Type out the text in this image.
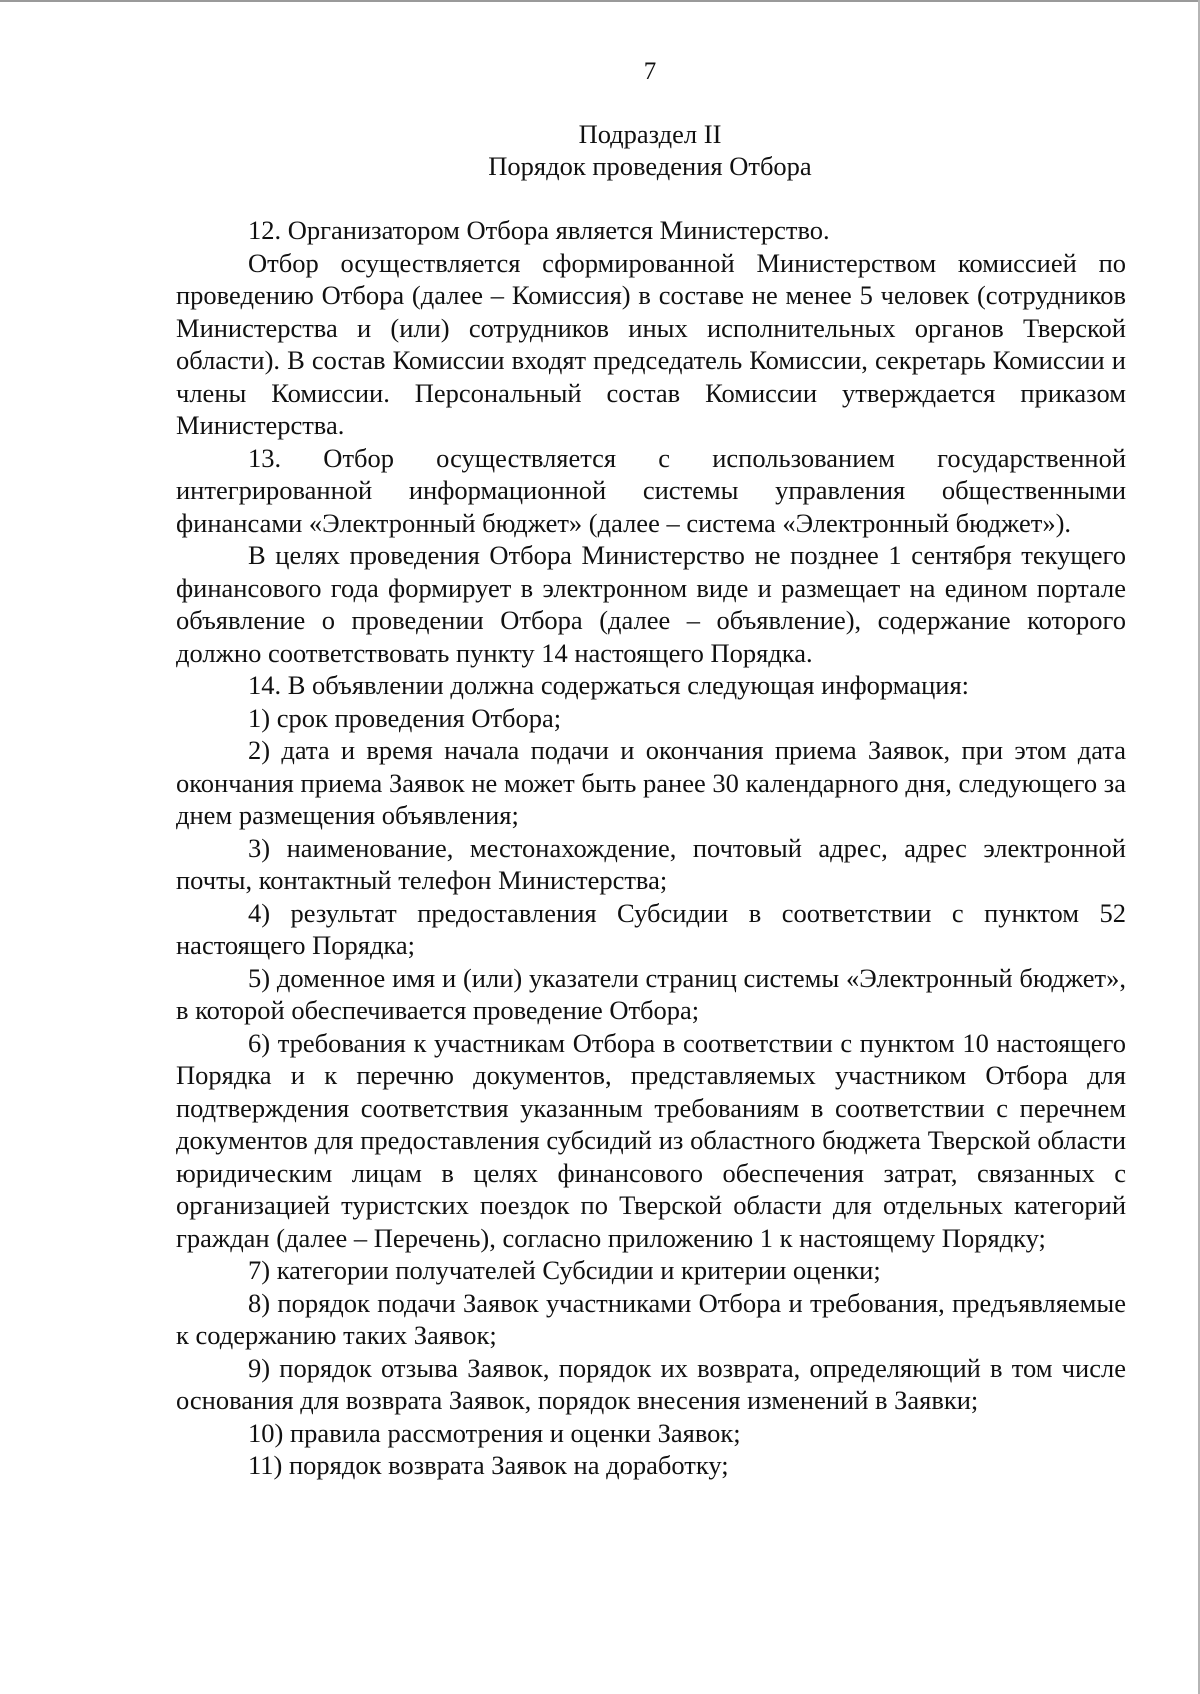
7
Подраздел II
Порядок проведения Отбора

12. Организатором Отбора является Министерство.

Отбор осуществляется сформированной Министерством комиссией по проведению Отбора (далее – Комиссия) в составе не менее 5 человек (сотрудников Министерства и (или) сотрудников иных исполнительных органов Тверской области). В состав Комиссии входят председатель Комиссии, секретарь Комиссии и члены Комиссии. Персональный состав Комиссии утверждается приказом Министерства.

13. Отбор осуществляется с использованием государственной интегрированной информационной системы управления общественными финансами «Электронный бюджет» (далее – система «Электронный бюджет»).

В целях проведения Отбора Министерство не позднее 1 сентября текущего финансового года формирует в электронном виде и размещает на едином портале объявление о проведении Отбора (далее – объявление), содержание которого должно соответствовать пункту 14 настоящего Порядка.

14. В объявлении должна содержаться следующая информация:

1) срок проведения Отбора;

2) дата и время начала подачи и окончания приема Заявок, при этом дата окончания приема Заявок не может быть ранее 30 календарного дня, следующего за днем размещения объявления;

3) наименование, местонахождение, почтовый адрес, адрес электронной почты, контактный телефон Министерства;

4) результат предоставления Субсидии в соответствии с пунктом 52 настоящего Порядка;

5) доменное имя и (или) указатели страниц системы «Электронный бюджет», в которой обеспечивается проведение Отбора;

6) требования к участникам Отбора в соответствии с пунктом 10 настоящего Порядка и к перечню документов, представляемых участником Отбора для подтверждения соответствия указанным требованиям в соответствии с перечнем документов для предоставления субсидий из областного бюджета Тверской области юридическим лицам в целях финансового обеспечения затрат, связанных с организацией туристских поездок по Тверской области для отдельных категорий граждан (далее – Перечень), согласно приложению 1 к настоящему Порядку;

7) категории получателей Субсидии и критерии оценки;

8) порядок подачи Заявок участниками Отбора и требования, предъявляемые к содержанию таких Заявок;

9) порядок отзыва Заявок, порядок их возврата, определяющий в том числе основания для возврата Заявок, порядок внесения изменений в Заявки;

10) правила рассмотрения и оценки Заявок;

11) порядок возврата Заявок на доработку;
